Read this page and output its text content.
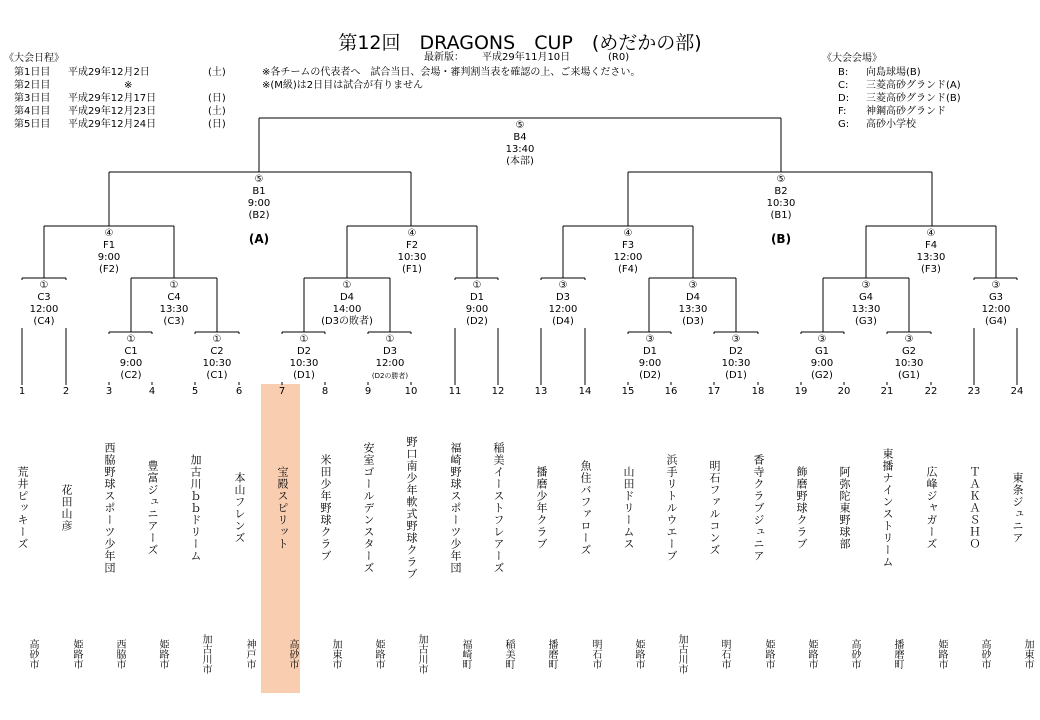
第12回　DRAGONS　CUP　(めだかの部)
最新版： 平成29年11月10日	(R0)
《大会日程》
第1日目 平成29年12月2日	(土)
第2日目	※
第3日目 平成29年12月17日	(日)
第4日目 平成29年12月23日	(土)
第5日目 平成29年12月24日	(日)
※各チームの代表者へ　試合当日、会場・審判割当表を確認の上、ご来場ください。
※(M級)は2日目は試合が有りません
《大会会場》
B: 向島球場(B)
C: 三菱高砂グランド(A)
D: 三菱高砂グランド(B)
F: 神鋼高砂グランド
G: 高砂小学校
(A)	(B)
⑤
B4
13:40
(本部)
⑤
B1
9:00
(B2)
⑤
B2
10:30
(B1)
④
F1
9:00
(F2)
④
F2
10:30
(F1)
④
F3
12:00
(F4)
④
F4
13:30
(F3)
①
C3
12:00
(C4)
①
C4
13:30
(C3)
①
D4
14:00
(D3の敗者)
①
D1
9:00
(D2)
③
D3
12:00
(D4)
③
D4
13:30
(D3)
③
G4
13:30
(G3)
③
G3
12:00
(G4)
①
C1
9:00
(C2)
①
C2
10:30
(C1)
①
D2
10:30
(D1)
①
D3
12:00
(D2の勝者)
③
D1
9:00
(D2)
③
D2
10:30
(D1)
③
G1
9:00
(G2)
③
G2
10:30
(G1)
1
荒井ピッキーズ
高砂市
2
花田山彦
姫路市
3
西脇野球スポーツ少年団
西脇市
4
豊富ジュニアーズ
姫路市
5
加古川ｂｂドリーム
加古川市
6
本山フレンズ
神戸市
7
宝殿スピリット
高砂市
8
米田少年野球クラブ
加東市
9
安室ゴールデンスターズ
姫路市
10
野口南少年軟式野球クラブ
加古川市
11
福崎野球スポーツ少年団
福崎町
12
稲美イーストフレアーズ
稲美町
13
播磨少年クラブ
播磨町
14
魚住バファローズ
明石市
15
山田ドリームス
姫路市
16
浜手リトルウエーブ
加古川市
17
明石ファルコンズ
明石市
18
香寺クラブジュニア
姫路市
19
飾磨野球クラブ
姫路市
20
阿弥陀東野球部
高砂市
21
東播ナインストリーム
播磨町
22
広峰ジャガーズ
姫路市
23
ＴＡＫＡＳＨＯ
高砂市
24
東条ジュニア
加東市
